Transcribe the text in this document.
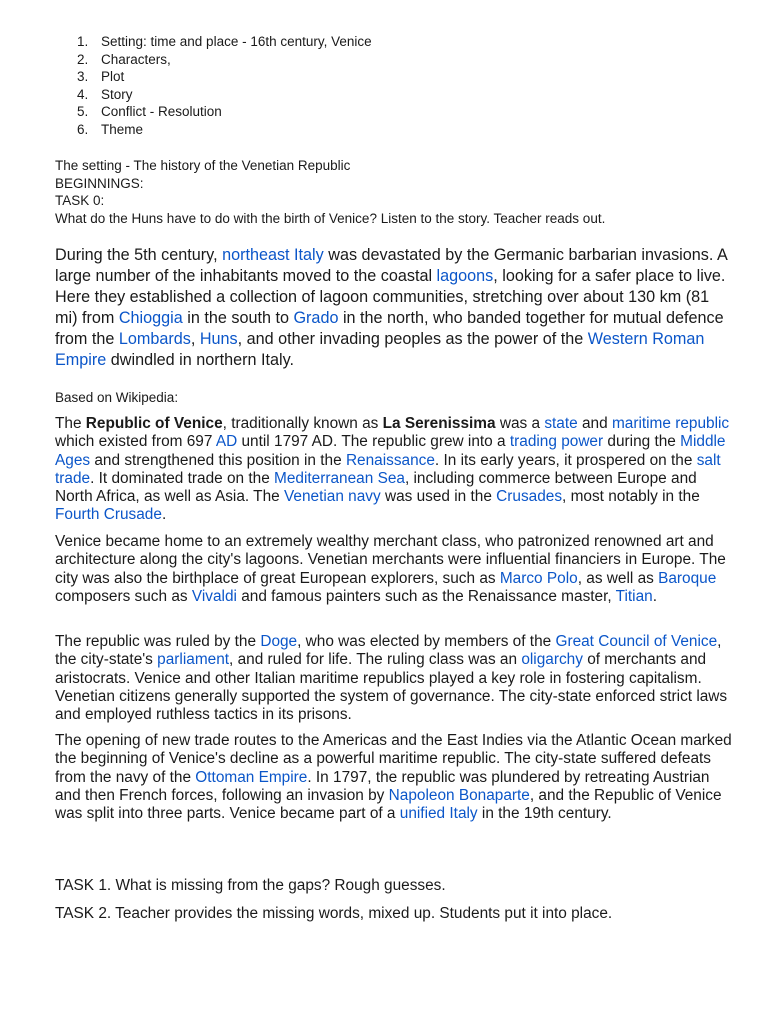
1. Setting: time and place - 16th century, Venice
2. Characters,
3. Plot
4. Story
5. Conflict - Resolution
6. Theme
The setting - The history of the Venetian Republic
BEGINNINGS:
TASK 0:
What do the Huns have to do with the birth of Venice? Listen to the story. Teacher reads out.

During the 5th century, northeast Italy was devastated by the Germanic barbarian invasions. A large number of the inhabitants moved to the coastal lagoons, looking for a safer place to live. Here they established a collection of lagoon communities, stretching over about 130 km (81 mi) from Chioggia in the south to Grado in the north, who banded together for mutual defence from the Lombards, Huns, and other invading peoples as the power of the Western Roman Empire dwindled in northern Italy.

Based on Wikipedia:

The Republic of Venice, traditionally known as La Serenissima was a state and maritime republic which existed from 697 AD until 1797 AD. The republic grew into a trading power during the Middle Ages and strengthened this position in the Renaissance. In its early years, it prospered on the salt trade. It dominated trade on the Mediterranean Sea, including commerce between Europe and North Africa, as well as Asia. The Venetian navy was used in the Crusades, most notably in the Fourth Crusade.

Venice became home to an extremely wealthy merchant class, who patronized renowned art and architecture along the city's lagoons. Venetian merchants were influential financiers in Europe. The city was also the birthplace of great European explorers, such as Marco Polo, as well as Baroque composers such as Vivaldi and famous painters such as the Renaissance master, Titian.

The republic was ruled by the Doge, who was elected by members of the Great Council of Venice, the city-state's parliament, and ruled for life. The ruling class was an oligarchy of merchants and aristocrats. Venice and other Italian maritime republics played a key role in fostering capitalism. Venetian citizens generally supported the system of governance. The city-state enforced strict laws and employed ruthless tactics in its prisons.

The opening of new trade routes to the Americas and the East Indies via the Atlantic Ocean marked the beginning of Venice's decline as a powerful maritime republic. The city-state suffered defeats from the navy of the Ottoman Empire. In 1797, the republic was plundered by retreating Austrian and then French forces, following an invasion by Napoleon Bonaparte, and the Republic of Venice was split into three parts. Venice became part of a unified Italy in the 19th century.

TASK 1. What is missing from the gaps? Rough guesses.

TASK 2. Teacher provides the missing words, mixed up. Students put it into place.
